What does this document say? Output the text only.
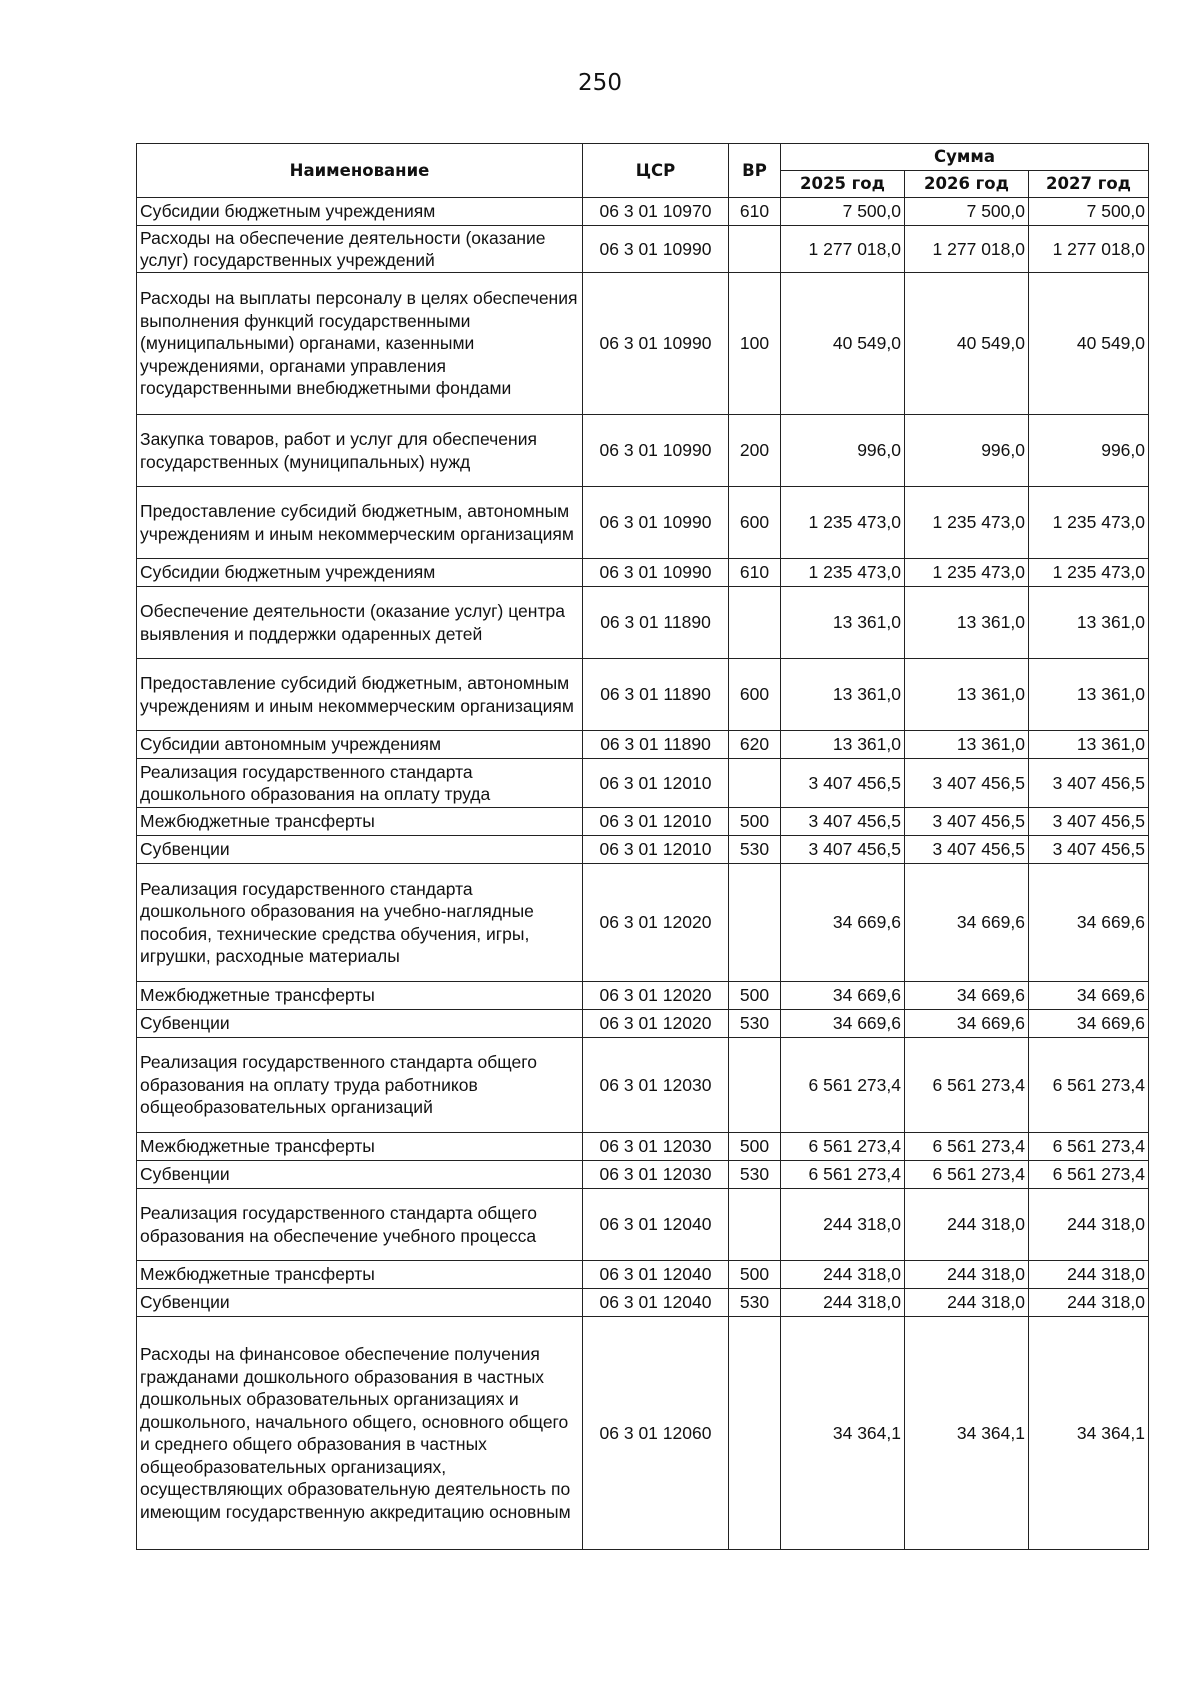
250
Наименование	ЦСР	ВР	Сумма		
			2025 год	2026 год	2027 год
Субсидии бюджетным учреждениям	06 3 01 10970	610	7 500,0	7 500,0	7 500,0
Расходы на обеспечение деятельности (оказание услуг) государственных учреждений	06 3 01 10990		1 277 018,0	1 277 018,0	1 277 018,0
Расходы на выплаты персоналу в целях обеспечения выполнения функций государственными (муниципальными) органами, казенными учреждениями, органами управления государственными внебюджетными фондами	06 3 01 10990	100	40 549,0	40 549,0	40 549,0
Закупка товаров, работ и услуг для обеспечения государственных (муниципальных) нужд	06 3 01 10990	200	996,0	996,0	996,0
Предоставление субсидий бюджетным, автономным учреждениям и иным некоммерческим организациям	06 3 01 10990	600	1 235 473,0	1 235 473,0	1 235 473,0
Субсидии бюджетным учреждениям	06 3 01 10990	610	1 235 473,0	1 235 473,0	1 235 473,0
Обеспечение деятельности (оказание услуг) центра выявления и поддержки одаренных детей	06 3 01 11890		13 361,0	13 361,0	13 361,0
Предоставление субсидий бюджетным, автономным учреждениям и иным некоммерческим организациям	06 3 01 11890	600	13 361,0	13 361,0	13 361,0
Субсидии автономным учреждениям	06 3 01 11890	620	13 361,0	13 361,0	13 361,0
Реализация государственного стандарта дошкольного образования на оплату труда	06 3 01 12010		3 407 456,5	3 407 456,5	3 407 456,5
Межбюджетные трансферты	06 3 01 12010	500	3 407 456,5	3 407 456,5	3 407 456,5
Субвенции	06 3 01 12010	530	3 407 456,5	3 407 456,5	3 407 456,5
Реализация государственного стандарта дошкольного образования на учебно-наглядные пособия, технические средства обучения, игры, игрушки, расходные материалы	06 3 01 12020		34 669,6	34 669,6	34 669,6
Межбюджетные трансферты	06 3 01 12020	500	34 669,6	34 669,6	34 669,6
Субвенции	06 3 01 12020	530	34 669,6	34 669,6	34 669,6
Реализация государственного стандарта общего образования на оплату труда работников общеобразовательных организаций	06 3 01 12030		6 561 273,4	6 561 273,4	6 561 273,4
Межбюджетные трансферты	06 3 01 12030	500	6 561 273,4	6 561 273,4	6 561 273,4
Субвенции	06 3 01 12030	530	6 561 273,4	6 561 273,4	6 561 273,4
Реализация государственного стандарта общего образования на обеспечение учебного процесса	06 3 01 12040		244 318,0	244 318,0	244 318,0
Межбюджетные трансферты	06 3 01 12040	500	244 318,0	244 318,0	244 318,0
Субвенции	06 3 01 12040	530	244 318,0	244 318,0	244 318,0
Расходы на финансовое обеспечение получения гражданами дошкольного образования в частных дошкольных образовательных организациях и дошкольного, начального общего, основного общего и среднего общего образования в частных общеобразовательных организациях, осуществляющих образовательную деятельность по имеющим государственную аккредитацию основным	06 3 01 12060		34 364,1	34 364,1	34 364,1
